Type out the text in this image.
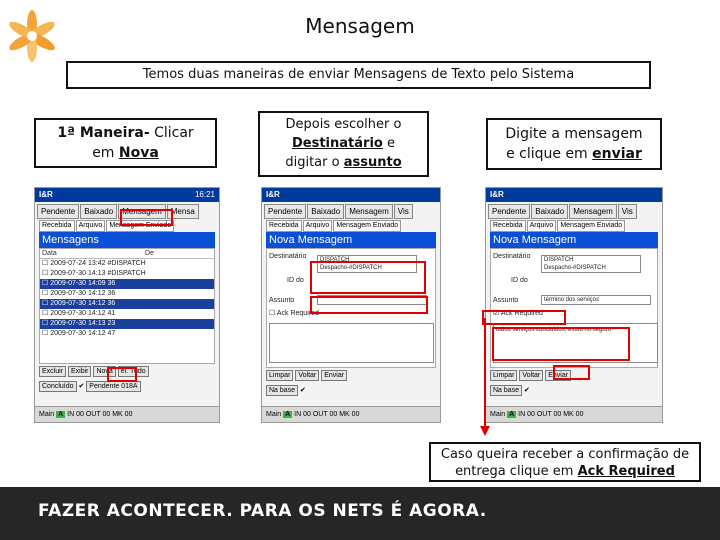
Mensagem
Temos duas maneiras de enviar Mensagens de Texto pelo Sistema
1ª Maneira- Clicar
em Nova
Depois escolher o
Destinatário e
digitar o assunto
Digite a mensagem
e clique em enviar
I&R	16:21
Pendente Baixado Mensagem Mensa
Recebida Arquivo Mensagem Enviado
Mensagens
Data	De
☐ 2009-07-24 13:42 #DISPATCH
☐ 2009-07-30 14:13 #DISPATCH
☐ 2009-07-30 14:09 36
☐ 2009-07-30 14:12 36
☐ 2009-07-30 14:12 36
☐ 2009-07-30 14:12 41
☐ 2009-07-30 14:13 23
☐ 2009-07-30 14:12 47
Excluir Exibir Nova el. Tudo
Concluído ✔ Pendente 018A
Main A IN 00 OUT 00 MK 00
I&R
Pendente Baixado Mensagem Vis
Recebida Arquivo Mensagem Enviado
Nova Mensagem
Destinatário DISPATCH
Despacho-#DISPATCH
ID do
Assunto
☐ Ack Required
Limpar Voltar Enviar
Na base ✔
Main A IN 00 OUT 00 MK 00
I&R
Pendente Baixado Mensagem Vis
Recebida Arquivo Mensagem Enviado
Nova Mensagem
Destinatário DISPATCH
Despacho-#DISPATCH
ID do
Assunto	término dos serviços
☑ Ack Required
todos serviços concluídos, estou no seguro
Limpar Voltar Enviar
Na base ✔
Main A IN 00 OUT 00 MK 00
Caso queira receber a confirmação de
entrega clique em Ack Required
FAZER ACONTECER. PARA OS NETS É AGORA.
